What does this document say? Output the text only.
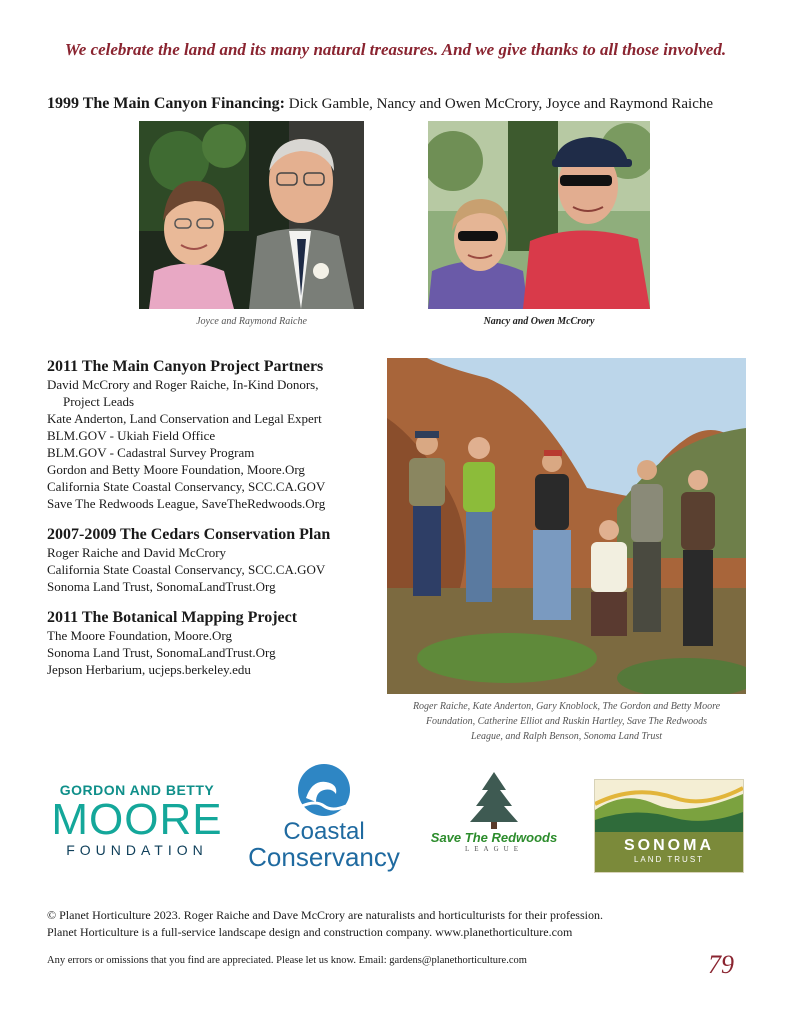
We celebrate the land and its many natural treasures. And we give thanks to all those involved.
1999 The Main Canyon Financing: Dick Gamble, Nancy and Owen McCrory, Joyce and Raymond Raiche
Joyce and Raymond Raiche	Nancy and Owen McCrory
2011 The Main Canyon Project Partners
David McCrory and Roger Raiche, In-Kind Donors,
Project Leads
Kate Anderton, Land Conservation and Legal Expert
BLM.GOV - Ukiah Field Office
BLM.GOV - Cadastral Survey Program
Gordon and Betty Moore Foundation, Moore.Org
California State Coastal Conservancy, SCC.CA.GOV
Save The Redwoods League, SaveTheRedwoods.Org
2007-2009 The Cedars Conservation Plan
Roger Raiche and David McCrory
California State Coastal Conservancy, SCC.CA.GOV
Sonoma Land Trust, SonomaLandTrust.Org
2011 The Botanical Mapping Project
The Moore Foundation, Moore.Org
Sonoma Land Trust, SonomaLandTrust.Org
Jepson Herbarium, ucjeps.berkeley.edu
Roger Raiche, Kate Anderton, Gary Knoblock, The Gordon and Betty Moore
Foundation, Catherine Elliot and Ruskin Hartley, Save The Redwoods
League, and Ralph Benson, Sonoma Land Trust
GORDON AND BETTY
MOORE
FOUNDATION
Coastal
Conservancy
Save The Redwoods
LEAGUE	SONOMA
LAND TRUST
© Planet Horticulture 2023. Roger Raiche and Dave McCrory are naturalists and horticulturists for their profession.
Planet Horticulture is a full-service landscape design and construction company. www.planethorticulture.com
Any errors or omissions that you find are appreciated. Please let us know. Email: gardens@planethorticulture.com	79
